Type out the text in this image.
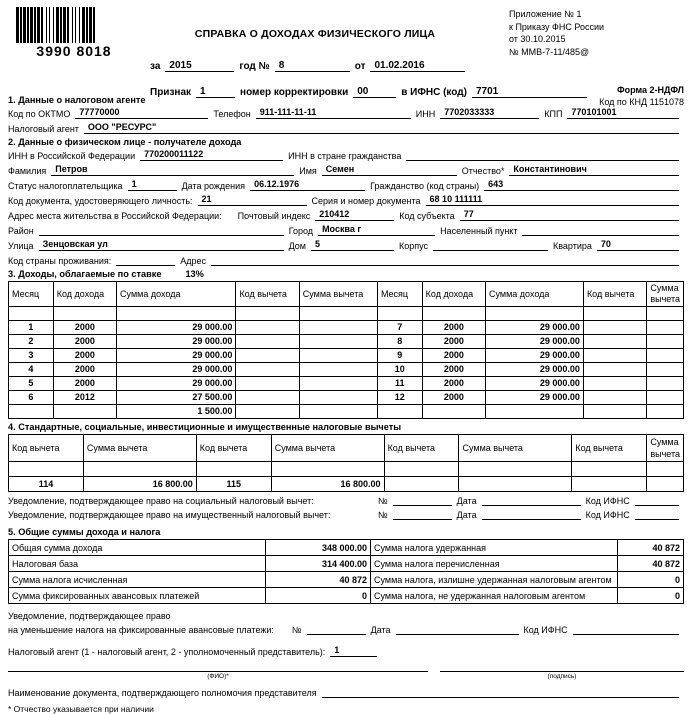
3990 8018
СПРАВКА О ДОХОДАХ ФИЗИЧЕСКОГО ЛИЦА
Приложение № 1
к Приказу ФНС России
от 30.10.2015
№ ММВ-7-11/485@
за 2015	год № 8	от 01.02.2016
Признак 1	номер корректировки 00	в ИФНС (код) 7701	Форма 2-НДФЛ
Код по КНД 1151078
1. Данные о налоговом агенте
Код по ОКТМО	77770000	Телефон	911-111-11-11	ИНН	7702033333	КПП	770101001
Налоговый агент	ООО "РЕСУРС"
2. Данные о физическом лице - получателе дохода
ИНН в Российской Федерации	770200011122	ИНН в стране гражданства
Фамилия	Петров	Имя	Семен	Отчество*	Константинович
Статус налогоплательщика	1	Дата рождения	06.12.1976	Гражданство (код страны)	643
Код документа, удостоверяющего личность:	21	Серия и номер документа	68 10 111111
Адрес места жительства в Российской Федерации: Почтовый индекс	210412	Код субъекта	77
Район	Город	Москва г	Населенный пункт
Улица	Зенцовская ул	Дом	5	Корпус	Квартира	70
Код страны проживания:	Адрес
3. Доходы, облагаемые по ставке	13%
Месяц	Код дохода	Сумма дохода	Код вычета	Сумма вычета	Месяц	Код дохода	Сумма дохода	Код вычета	Сумма вычета

1	2000	29 000.00			7	2000	29 000.00		
2	2000	29 000.00			8	2000	29 000.00		
3	2000	29 000.00			9	2000	29 000.00		
4	2000	29 000.00			10	2000	29 000.00		
5	2000	29 000.00			11	2000	29 000.00		
6	2012	27 500.00			12	2000	29 000.00		
		1 500.00							
4. Стандартные, социальные, инвестиционные и имущественные налоговые вычеты
Код вычета	Сумма вычета	Код вычета	Сумма вычета	Код вычета	Сумма вычета	Код вычета	Сумма вычета

114	16 800.00	115	16 800.00				
Уведомление, подтверждающее право на социальный налоговый вычет:	№	Дата	Код ИФНС
Уведомление, подтверждающее право на имущественный налоговый вычет:	№	Дата	Код ИФНС
5. Общие суммы дохода и налога
Общая сумма дохода	348 000.00	Сумма налога удержанная	40 872
Налоговая база	314 400.00	Сумма налога перечисленная	40 872
Сумма налога исчисленная	40 872	Сумма налога, излишне удержанная налоговым агентом	0
Сумма фиксированных авансовых платежей	0	Сумма налога, не удержанная налоговым агентом	0
Уведомление, подтверждающее право
на уменьшение налога на фиксированные авансовые платежи: №	Дата	Код ИФНС
Налоговый агент (1 - налоговый агент, 2 - уполномоченный представитель):	1
(ФИО)*	(подпись)
Наименование документа, подтверждающего полномочия представителя
* Отчество указывается при наличии
